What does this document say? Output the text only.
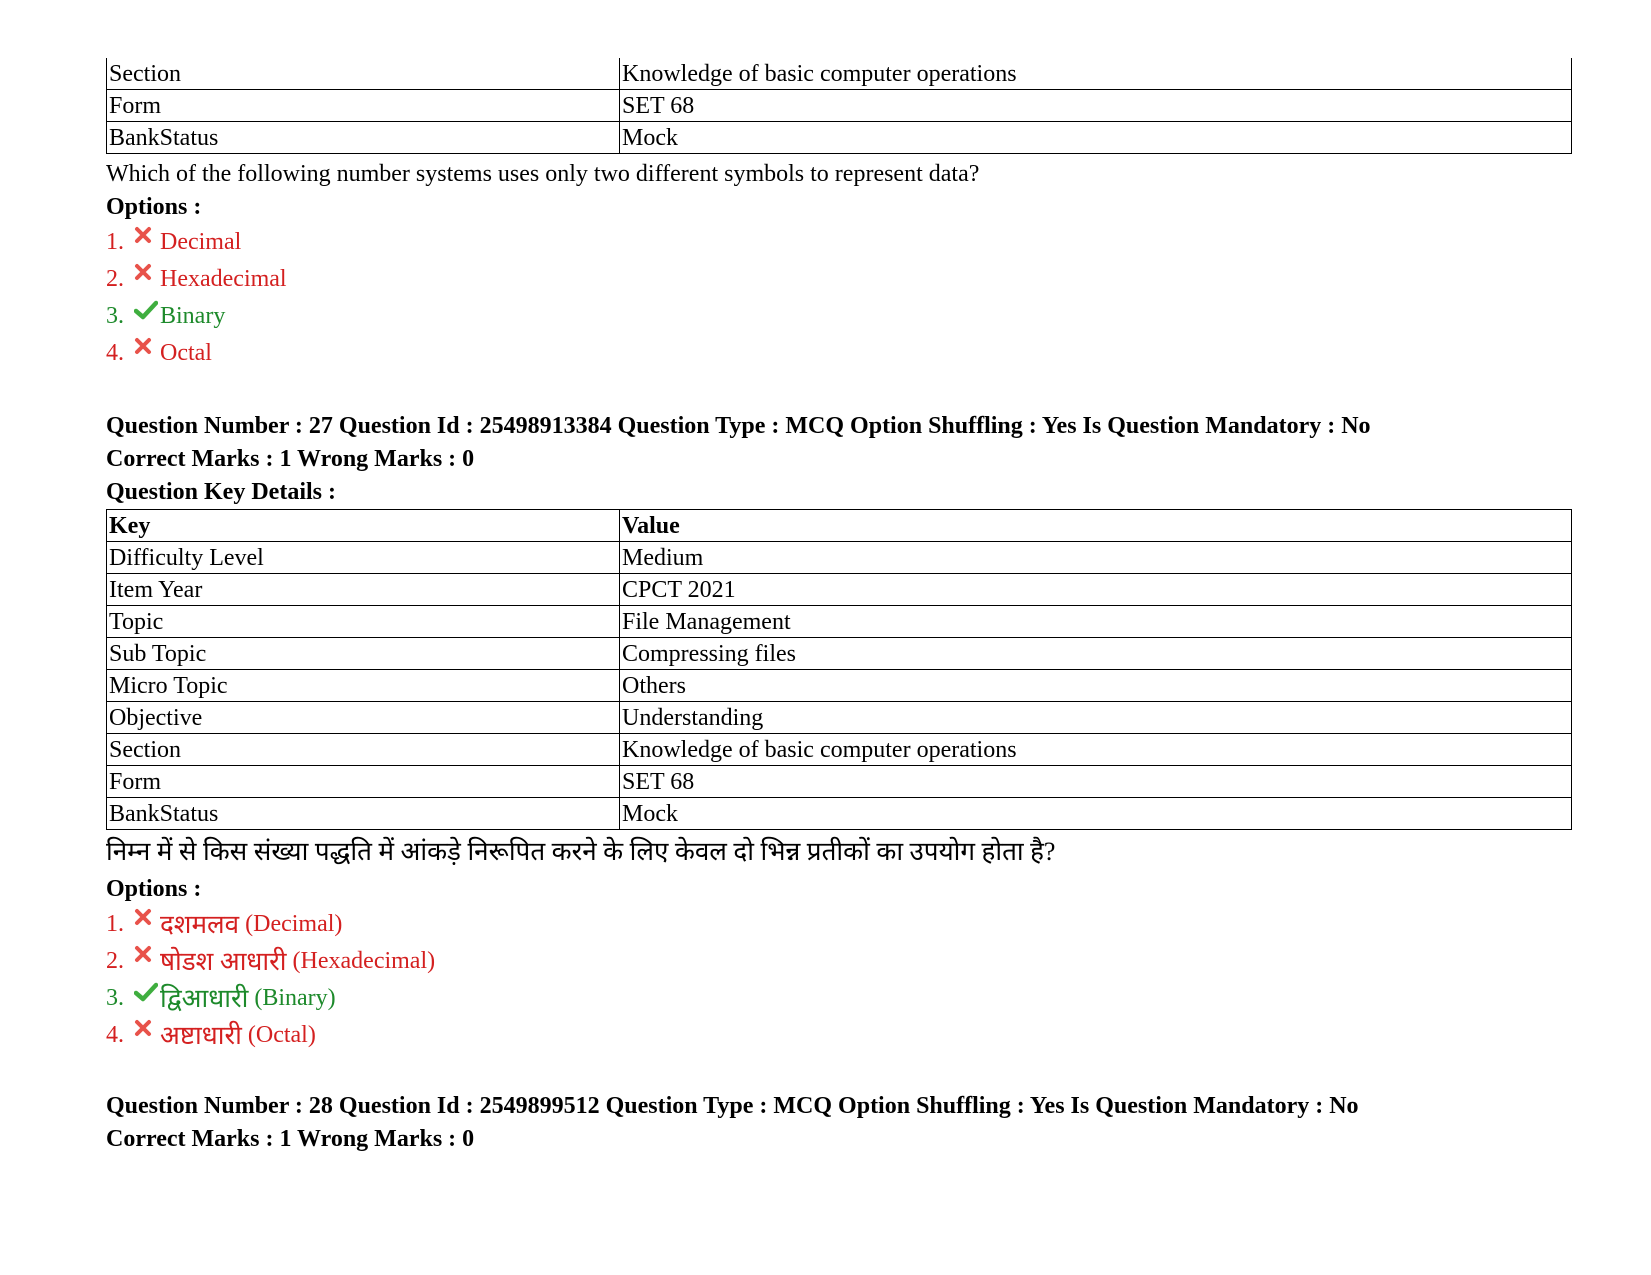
Section	Knowledge of basic computer operations
Form	SET 68
BankStatus	Mock
Which of the following number systems uses only two different symbols to represent data?
Options :
1.	Decimal
2.	Hexadecimal
3.	Binary
4.	Octal
Question Number : 27 Question Id : 25498913384 Question Type : MCQ Option Shuffling : Yes Is Question Mandatory : No
Correct Marks : 1 Wrong Marks : 0
Question Key Details :
Key	Value
Difficulty Level	Medium
Item Year	CPCT 2021
Topic	File Management
Sub Topic	Compressing files
Micro Topic	Others
Objective	Understanding
Section	Knowledge of basic computer operations
Form	SET 68
BankStatus	Mock
निम्न में से किस संख्या पद्धति में आंकड़े निरूपित करने के लिए केवल दो भिन्न प्रतीकों का उपयोग होता है?
Options :
1.	दशमलव
(Decimal)
2.	षोडश आधारी
(Hexadecimal)
3.	द्विआधारी
(Binary)
4.	अष्टाधारी
(Octal)
Question Number : 28 Question Id : 2549899512 Question Type : MCQ Option Shuffling : Yes Is Question Mandatory : No
Correct Marks : 1 Wrong Marks : 0
